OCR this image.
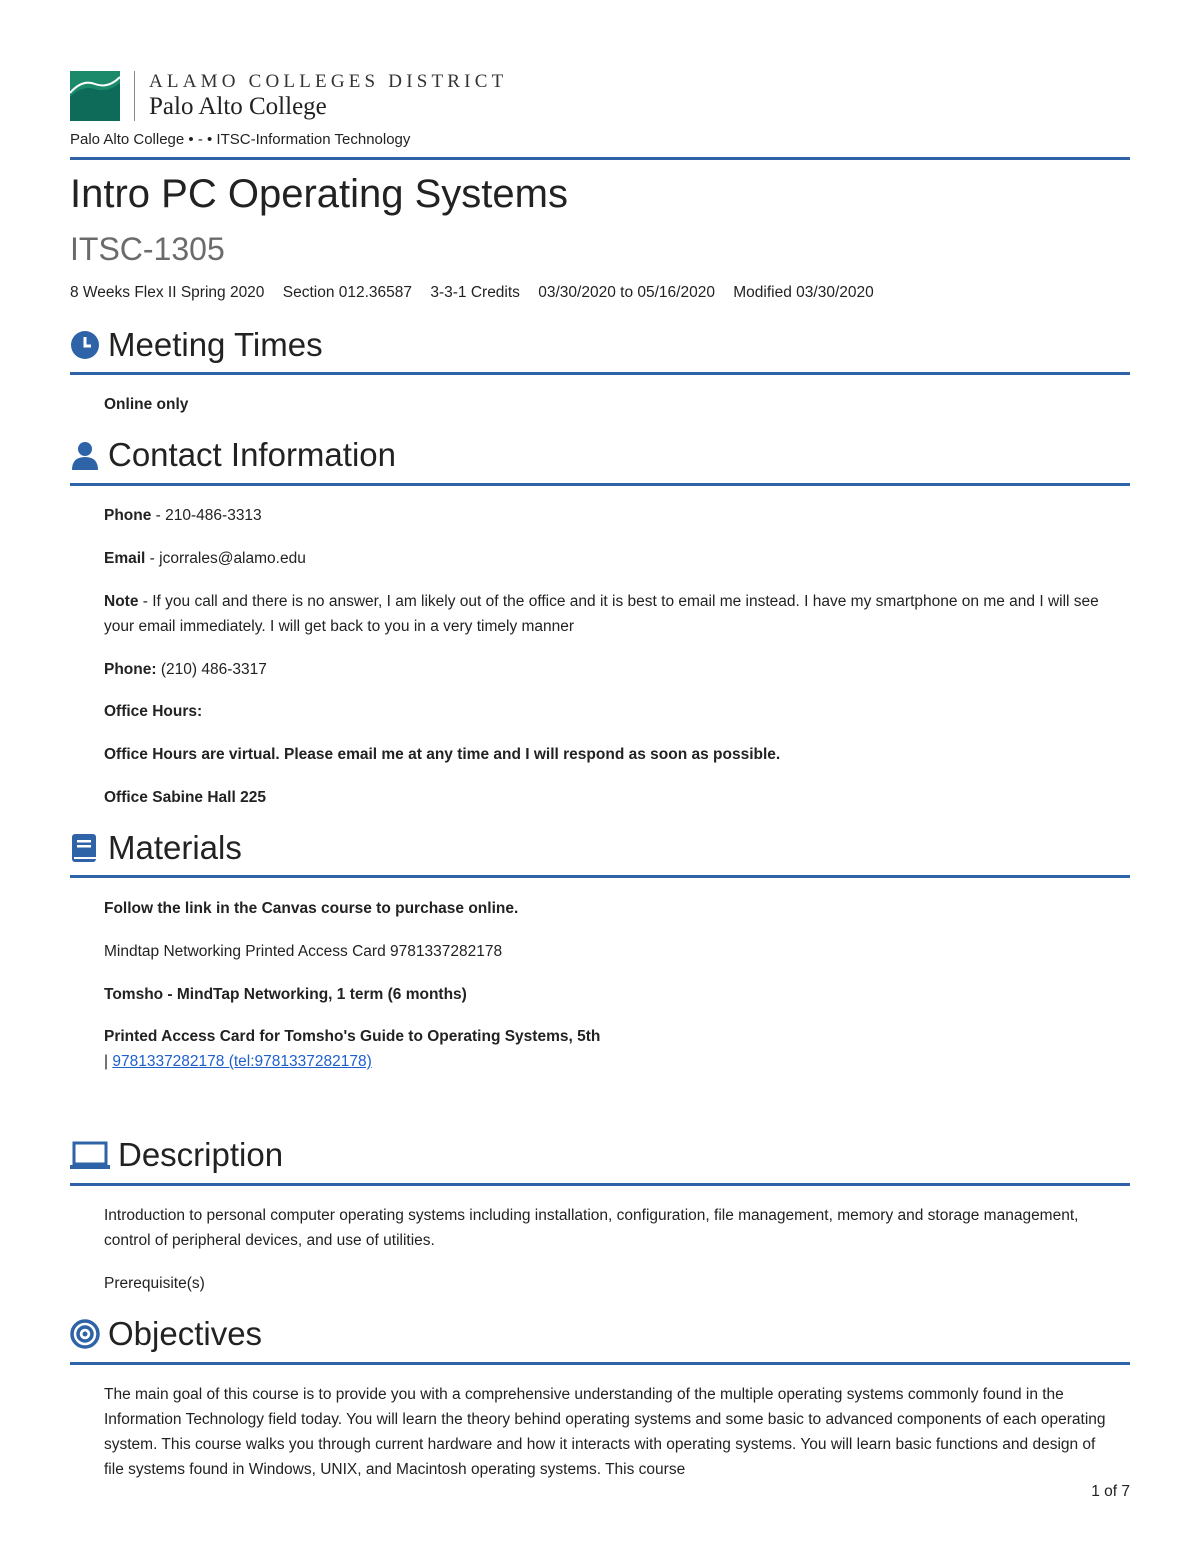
ALAMO COLLEGES DISTRICT
Palo Alto College
Palo Alto College • - • ITSC-Information Technology
Intro PC Operating Systems
ITSC-1305
8 Weeks Flex II Spring 2020 Section 012.36587 3-3-1 Credits 03/30/2020 to 05/16/2020 Modified 03/30/2020
Meeting Times
Online only
Contact Information
Phone - 210-486-3313
Email - jcorrales@alamo.edu
Note - If you call and there is no answer, I am likely out of the office and it is best to email me instead. I have my smartphone on me and I will see your email immediately. I will get back to you in a very timely manner
Phone: (210) 486-3317
Office Hours:
Office Hours are virtual. Please email me at any time and I will respond as soon as possible.
Office Sabine Hall 225
Materials
Follow the link in the Canvas course to purchase online.
Mindtap Networking Printed Access Card 9781337282178
Tomsho - MindTap Networking, 1 term (6 months)
Printed Access Card for Tomsho's Guide to Operating Systems, 5th
| 9781337282178 (tel:9781337282178)
Description
Introduction to personal computer operating systems including installation, configuration, file management, memory and storage management, control of peripheral devices, and use of utilities.
Prerequisite(s)
Objectives
The main goal of this course is to provide you with a comprehensive understanding of the multiple operating systems commonly found in the Information Technology field today. You will learn the theory behind operating systems and some basic to advanced components of each operating system. This course walks you through current hardware and how it interacts with operating systems. You will learn basic functions and design of file systems found in Windows, UNIX, and Macintosh operating systems. This course
1 of 7
